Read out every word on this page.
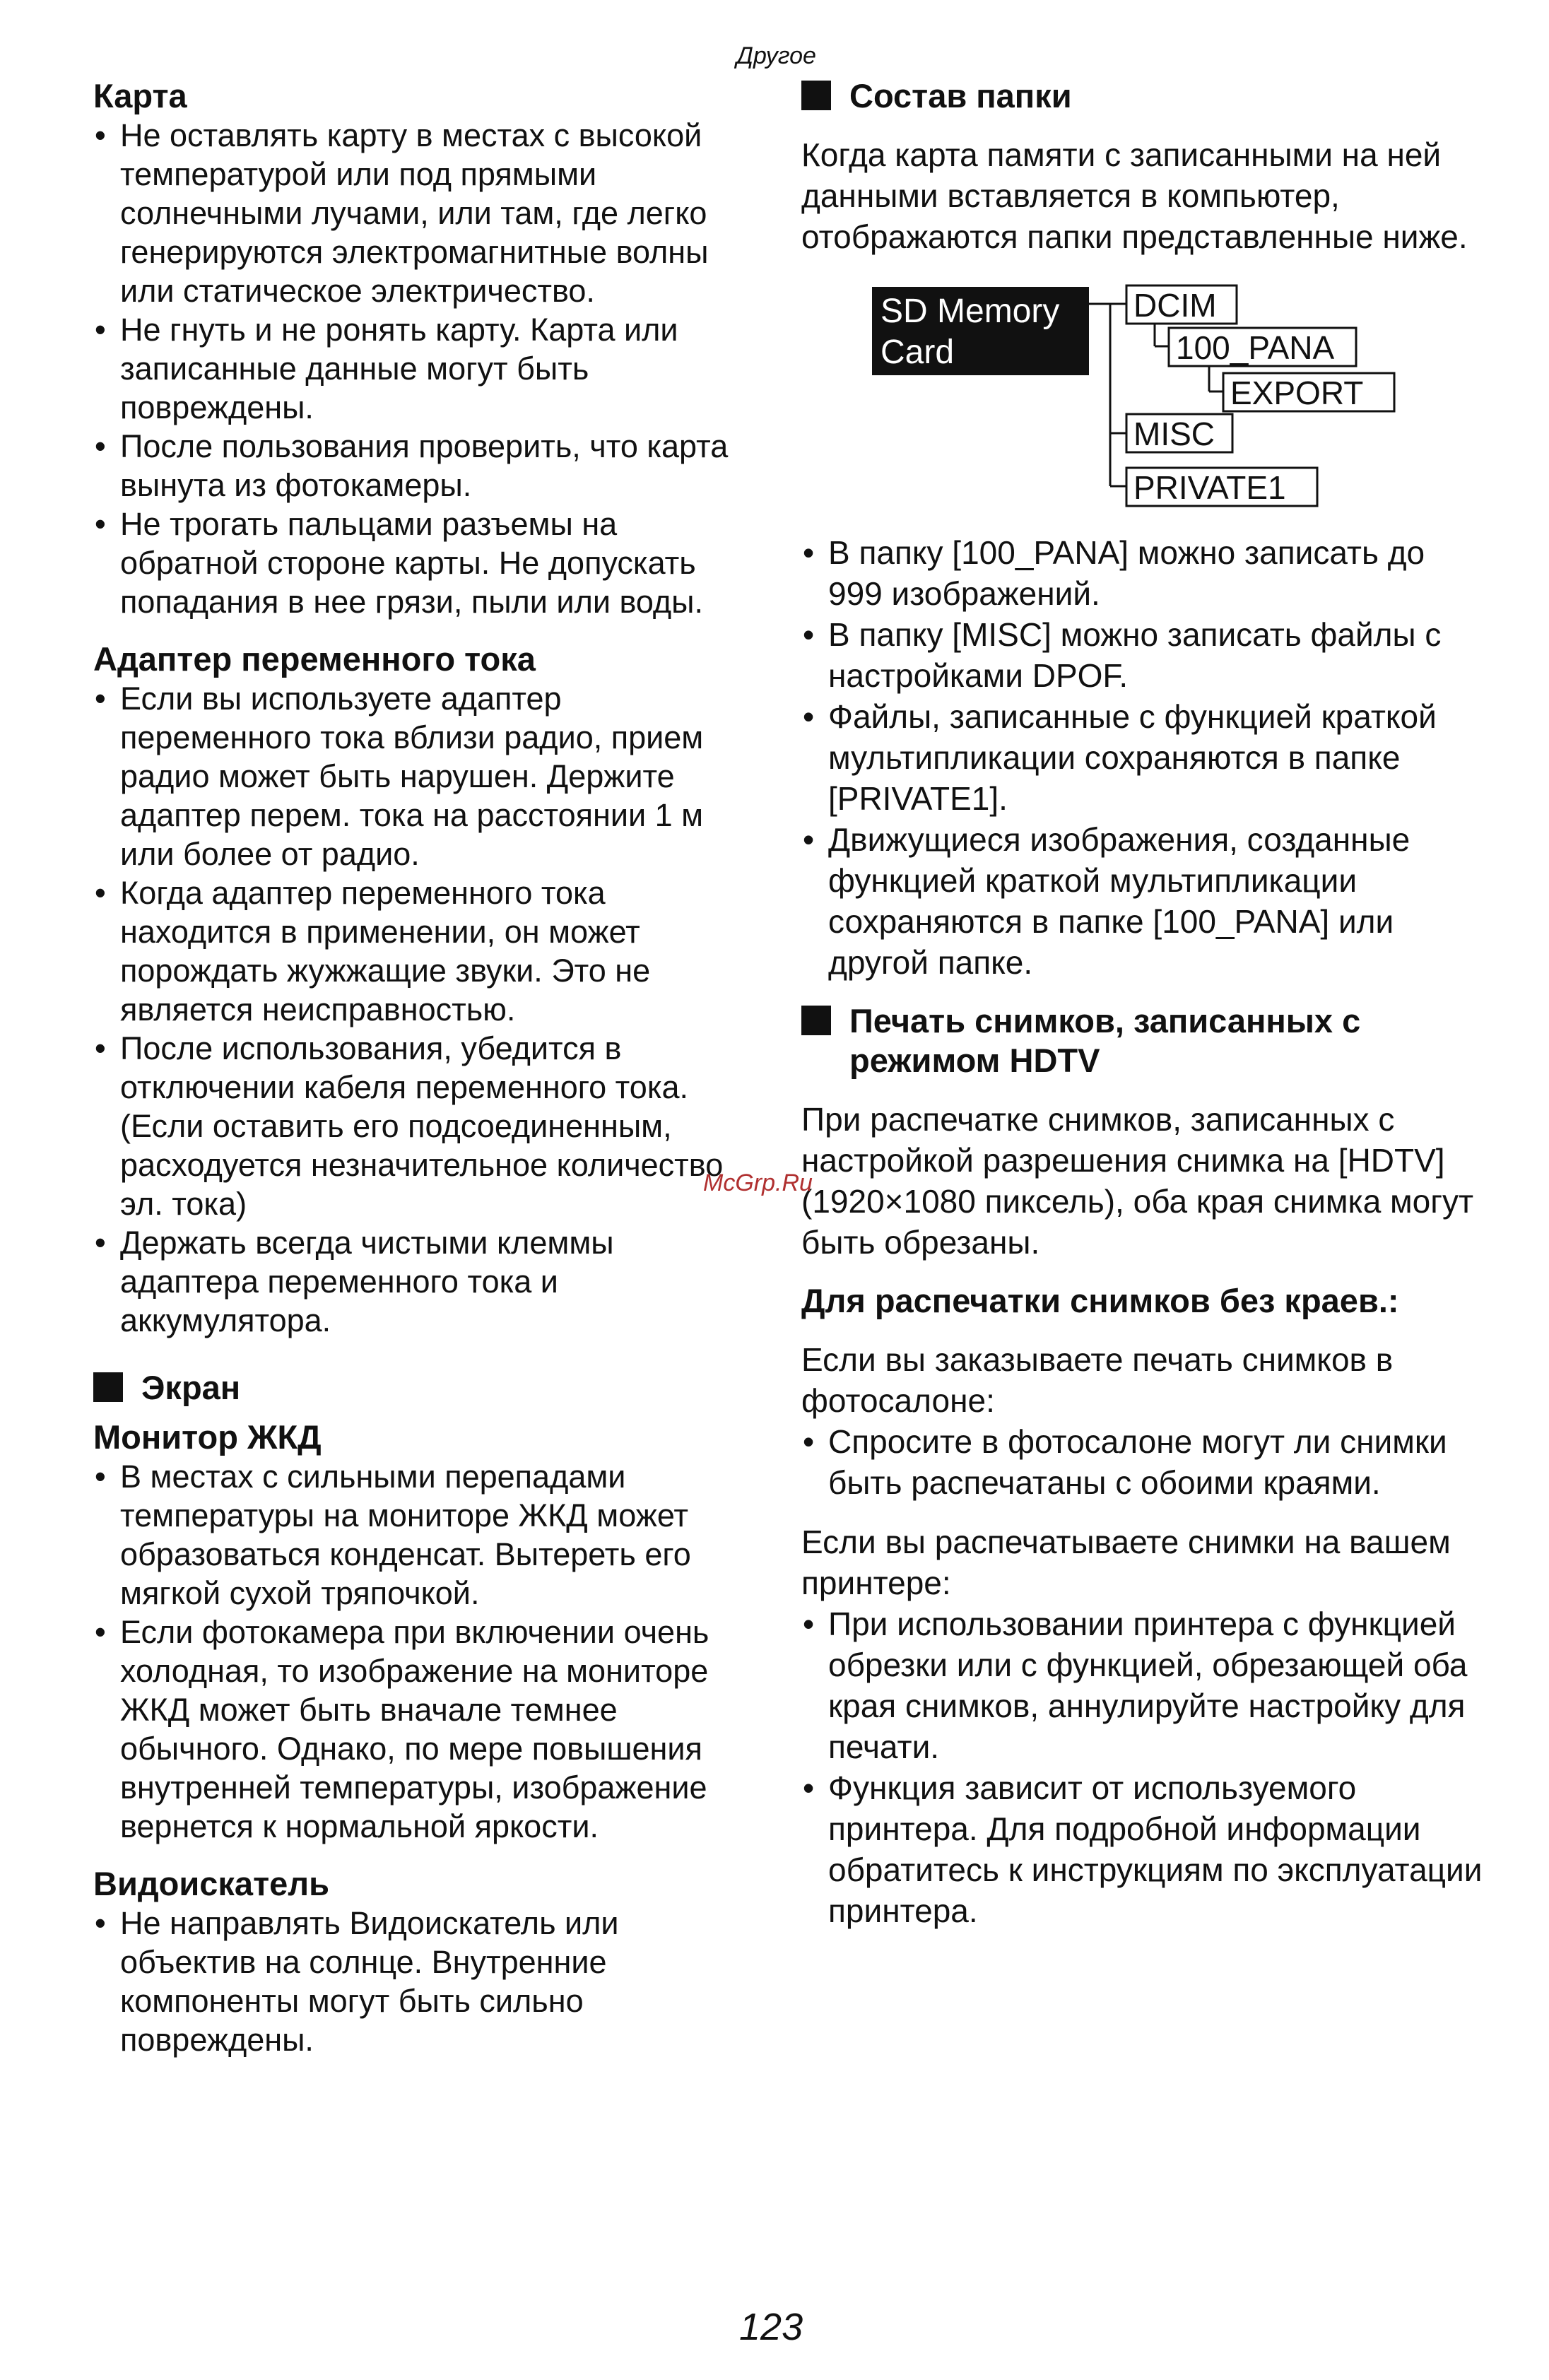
Другое
Карта
• Не оставлять карту в местах с высокой температурой или под прямыми солнечными лучами, или там, где легко генерируются электромагнитные волны или статическое электричество.
• Не гнуть и не ронять карту. Карта или записанные данные могут быть повреждены.
• После пользования проверить, что карта вынута из фотокамеры.
• Не трогать пальцами разъемы на обратной стороне карты. Не допускать попадания в нее грязи, пыли или воды.
Адаптер переменного тока
• Если вы используете адаптер переменного тока вблизи радио, прием радио может быть нарушен. Держите адаптер перем. тока на расстоянии 1 м или более от радио.
• Когда адаптер переменного тока находится в применении, он может порождать жужжащие звуки. Это не является неисправностью.
• После использования, убедится в отключении кабеля переменного тока. (Если оставить его подсоединенным, расходуется незначительное количество эл. тока)
• Держать всегда чистыми клеммы адаптера переменного тока и аккумулятора.
Экран
Монитор ЖКД
• В местах с сильными перепадами температуры на мониторе ЖКД может образоваться конденсат. Вытереть его мягкой сухой тряпочкой.
• Если фотокамера при включении очень холодная, то изображение на мониторе ЖКД может быть вначале темнее обычного. Однако, по мере повышения внутренней температуры, изображение вернется к нормальной яркости.
Видоискатель
• Не направлять Видоискатель или объектив на солнце. Внутренние компоненты могут быть сильно повреждены.
Состав папки

Когда карта памяти с записанными на ней данными вставляется в компьютер, отображаются папки представленные ниже.

SD Memory
Card
DCIM
100_PANA
EXPORT
MISC
PRIVATE1
• В папку [100_PANA] можно записать до 999 изображений.
• В папку [MISC] можно записать файлы с настройками DPOF.
• Файлы, записанные с функцией краткой мультипликации сохраняются в папке [PRIVATE1].
• Движущиеся изображения, созданные функцией краткой мультипликации сохраняются в папке [100_PANA] или другой папке.
Печать снимков, записанных с режимом HDTV

При распечатке снимков, записанных с настройкой разрешения снимка на [HDTV] (1920×1080 пиксель), оба края снимка могут быть обрезаны.

Для распечатки снимков без краев.:

Если вы заказываете печать снимков в фотосалоне:

• Спросите в фотосалоне могут ли снимки быть распечатаны с обоими краями.

Если вы распечатываете снимки на вашем принтере:

• При использовании принтера с функцией обрезки или с функцией, обрезающей оба края снимков, аннулируйте настройку для печати.
• Функция зависит от используемого принтера. Для подробной информации обратитесь к инструкциям по эксплуатации принтера.
McGrp.Ru
123
